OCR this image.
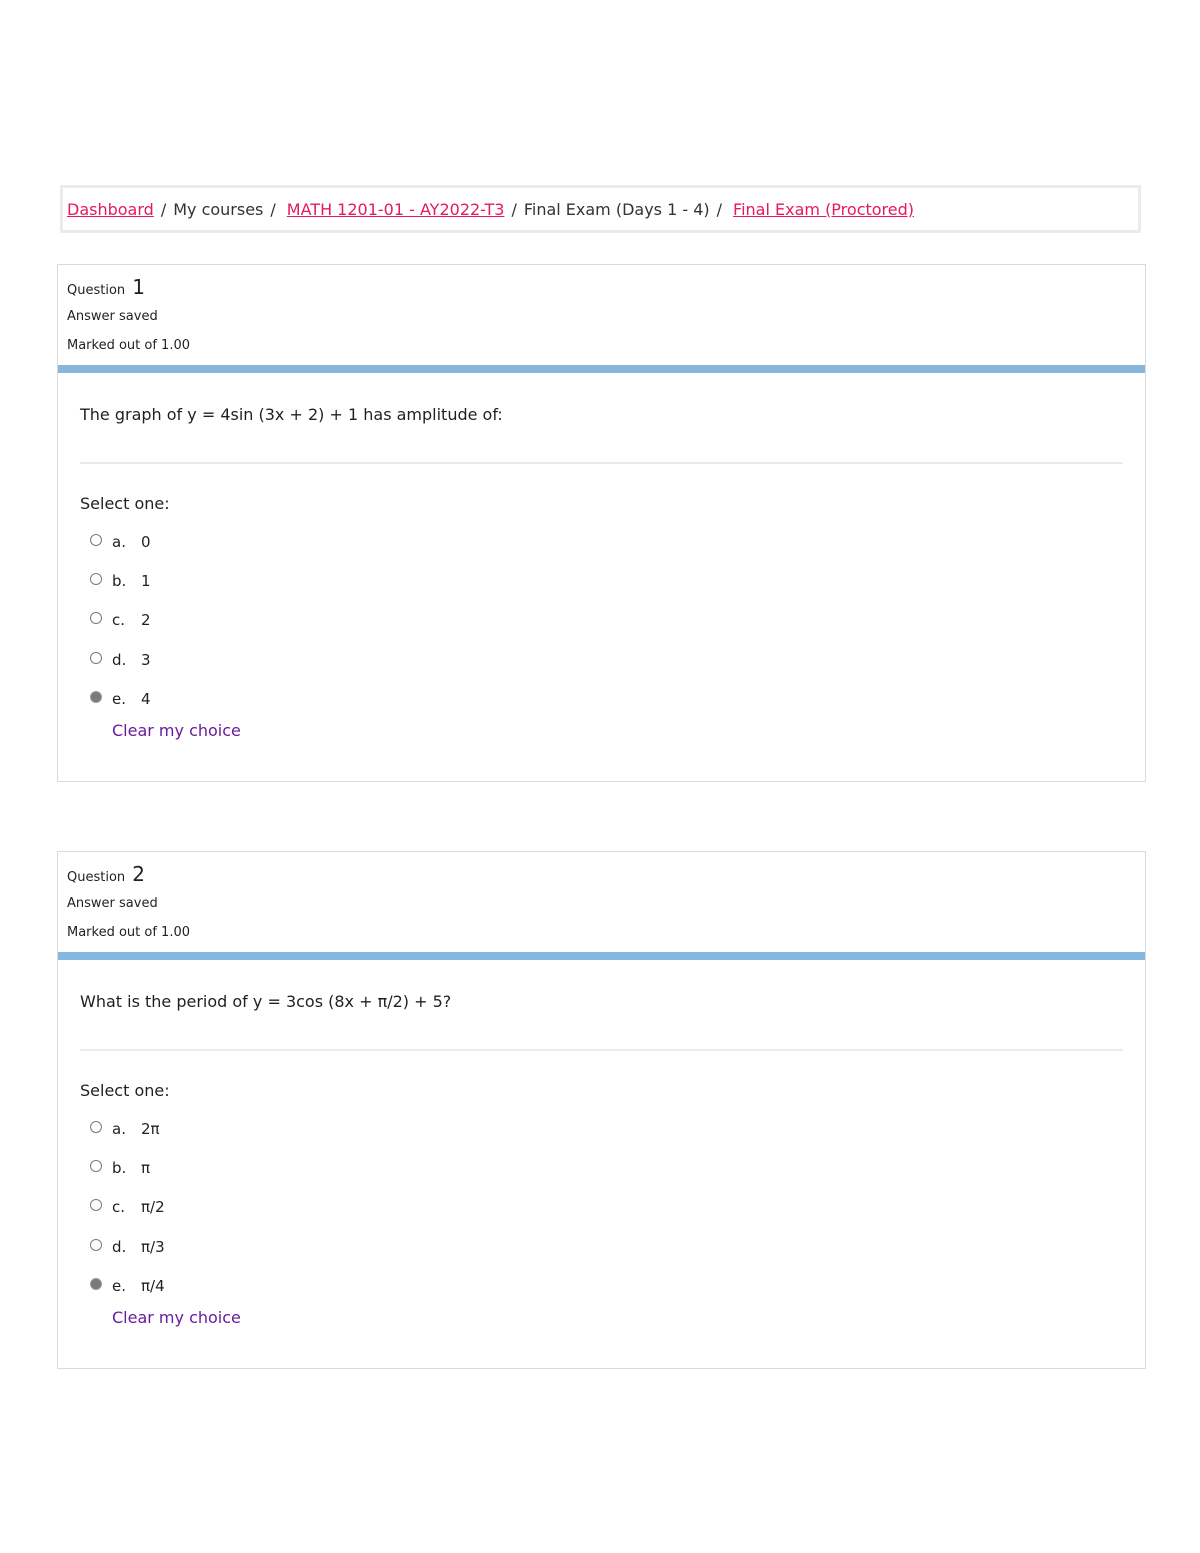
Dashboard / My courses / MATH 1201-01 - AY2022-T3 / Final Exam (Days 1 - 4) / Final Exam (Proctored)
Question 1
Answer saved
Marked out of 1.00
The graph of y = 4sin (3x + 2) + 1 has amplitude of:
Select one:
a.	0
b. 1
c.	2
d. 3
e.	4
Clear my choice
Question 2
Answer saved
Marked out of 1.00
What is the period of y = 3cos (8x + π/2) + 5?
Select one:
a.	2π
b. π
c.	π/2
d. π/3
e.	π/4
Clear my choice
